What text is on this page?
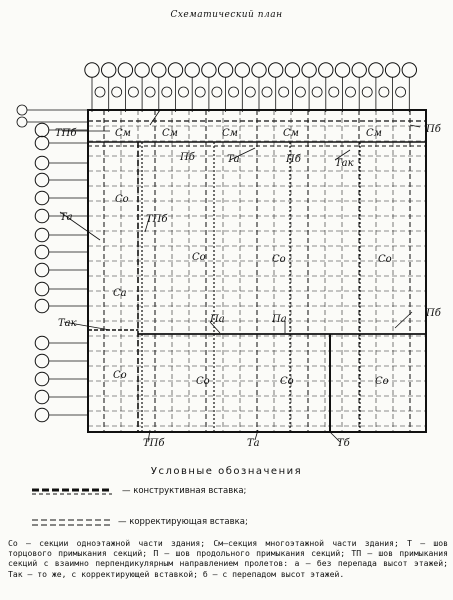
Схематический план
ТПб	Cм	Cм	Cм	Cм	Cм	Пб
Пб	Пб
Тa	Тaк
Co
ТПб
Тa
Co	Co	Co
Cа
Пa	Пa
Пб
Тaк
Co
Co	Co	Co
ТПб	Тa	Тб
Условные обозначения
— конструктивная вставка;
— корректирующая вставка;
Со — секции одноэтажной части здания; См—секция многоэтажной части здания; Т — шов торцового примыкания секций; П — шов продольного примыкания секций; ТП — шов примыкания секций с взаимно перпендикулярным направлением пролетов: а — без перепада высот этажей; Так — то же, с корректирующей вставкой; б — с перепадом высот этажей.
